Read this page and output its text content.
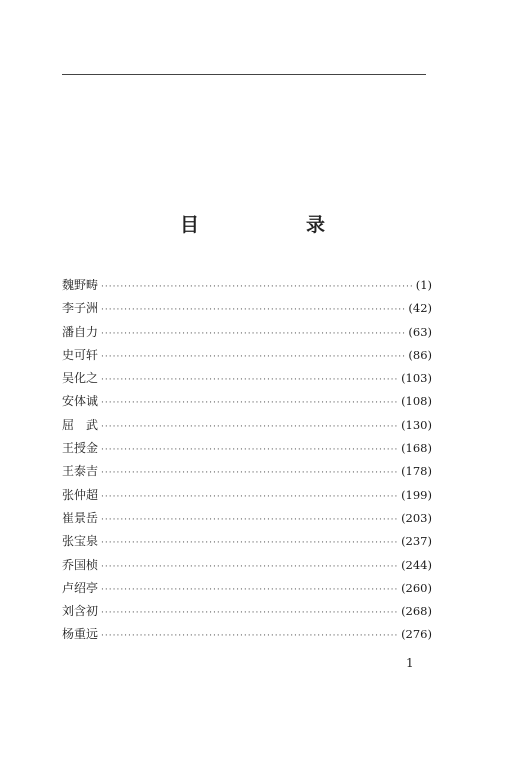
目　录
魏野畴 ·····	(1)
李子洲 ·····	(42)
潘自力 ·····	(63)
史可轩 ·····	(86)
吴化之 ·····	(103)
安体诚 ·····	(108)
屈　武 ·····	(130)
王授金 ·····	(168)
王泰吉 ·····	(178)
张仲超 ·····	(199)
崔景岳 ·····	(203)
张宝泉 ·····	(237)
乔国桢 ·····	(244)
卢绍亭 ·····	(260)
刘含初 ·····	(268)
杨重远 ·····	(276)
1
